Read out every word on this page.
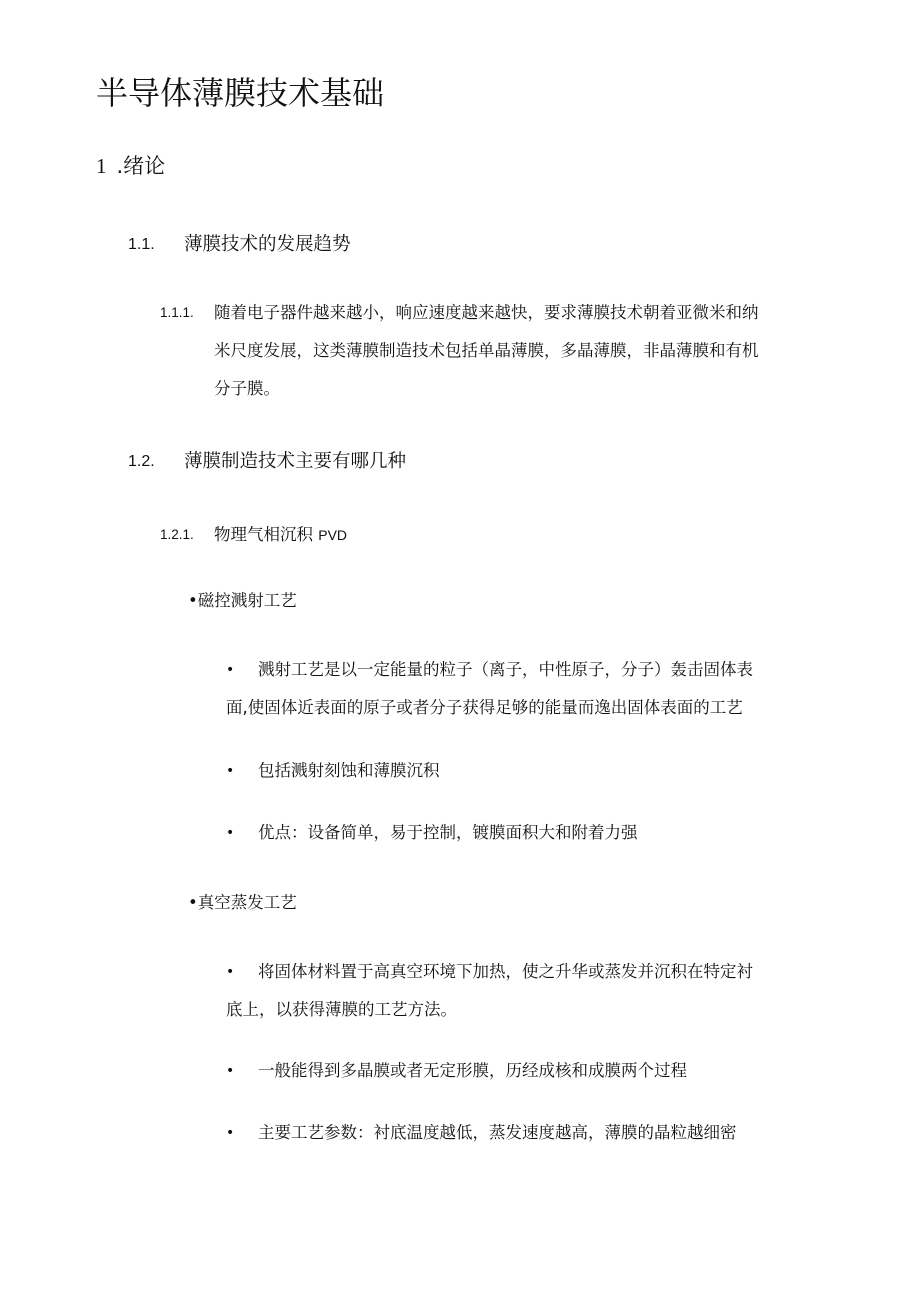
半导体薄膜技术基础
1 .绪论
1.1. 薄膜技术的发展趋势
1.1.1. 随着电子器件越来越小，响应速度越来越快，要求薄膜技术朝着亚微米和纳

米尺度发展，这类薄膜制造技术包括单晶薄膜，多晶薄膜，非晶薄膜和有机

分子膜。

1.2. 薄膜制造技术主要有哪几种
1.2.1. 物理气相沉积 PVD
•磁控溅射工艺
•	溅射工艺是以一定能量的粒子（离子，中性原子，分子）轰击固体表

面,使固体近表面的原子或者分子获得足够的能量而逸出固体表面的工艺

•	包括溅射刻蚀和薄膜沉积

•	优点：设备简单，易于控制，镀膜面积大和附着力强

•真空蒸发工艺
•	将固体材料置于高真空环境下加热，使之升华或蒸发并沉积在特定衬

底上，以获得薄膜的工艺方法。

•	一般能得到多晶膜或者无定形膜，历经成核和成膜两个过程

•	主要工艺参数：衬底温度越低，蒸发速度越高，薄膜的晶粒越细密
